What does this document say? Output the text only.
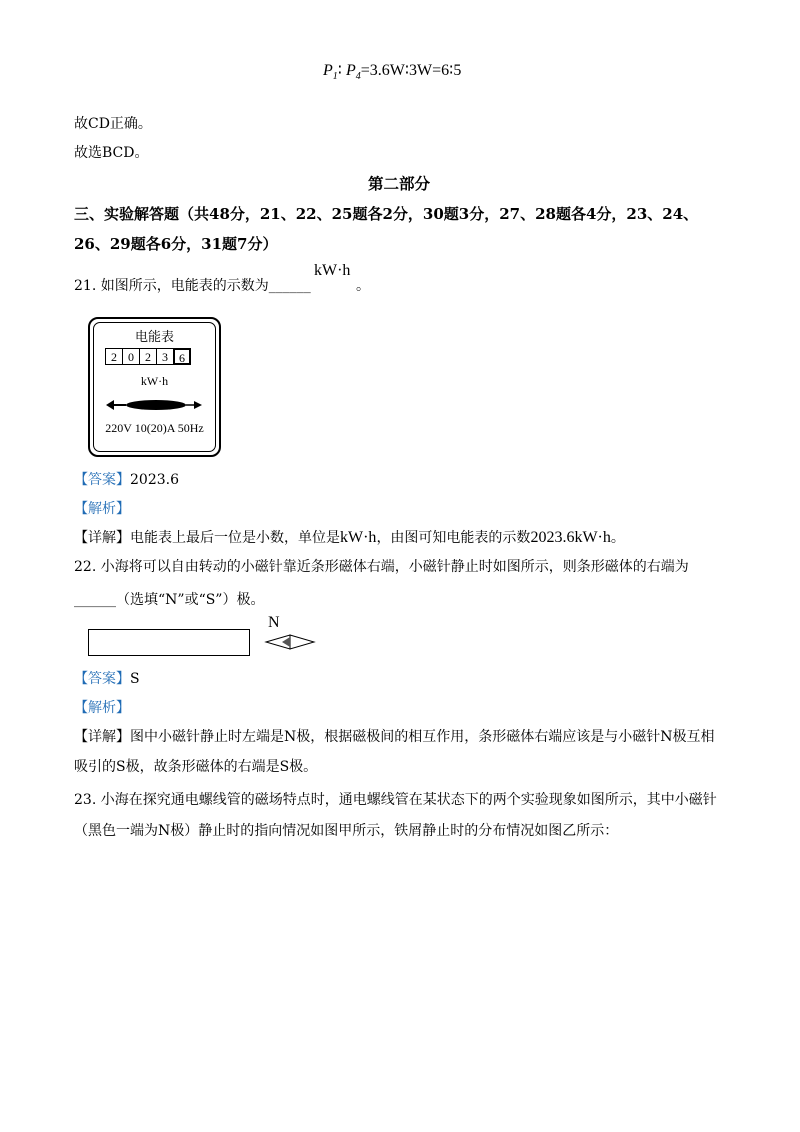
$P_1∶$ $P_4=3.6W∶3W=6∶5$
故CD正确。
故选BCD。
第二部分
三、实验解答题（共48分，21、22、25题各2分，30题3分，27、28题各4分，23、24、
26、29题各6分，31题7分）
21. 如图所示，电能表的示数为______
kW·h
。
电能表
2 0 2 3 6
kW·h
220V 10(20)A 50Hz
【答案】2023.6
【解析】
【详解】电能表上最后一位是小数，单位是kW·h，由图可知电能表的示数2023.6kW·h。
22. 小海将可以自由转动的小磁针靠近条形磁体右端，小磁针静止时如图所示，则条形磁体的右端为
______（选填“N”或“S”）极。
N
【答案】S
【解析】
【详解】图中小磁针静止时左端是N极，根据磁极间的相互作用，条形磁体右端应该是与小磁针N极互相
吸引的S极，故条形磁体的右端是S极。
23. 小海在探究通电螺线管的磁场特点时，通电螺线管在某状态下的两个实验现象如图所示，其中小磁针
（黑色一端为N极）静止时的指向情况如图甲所示，铁屑静止时的分布情况如图乙所示：
